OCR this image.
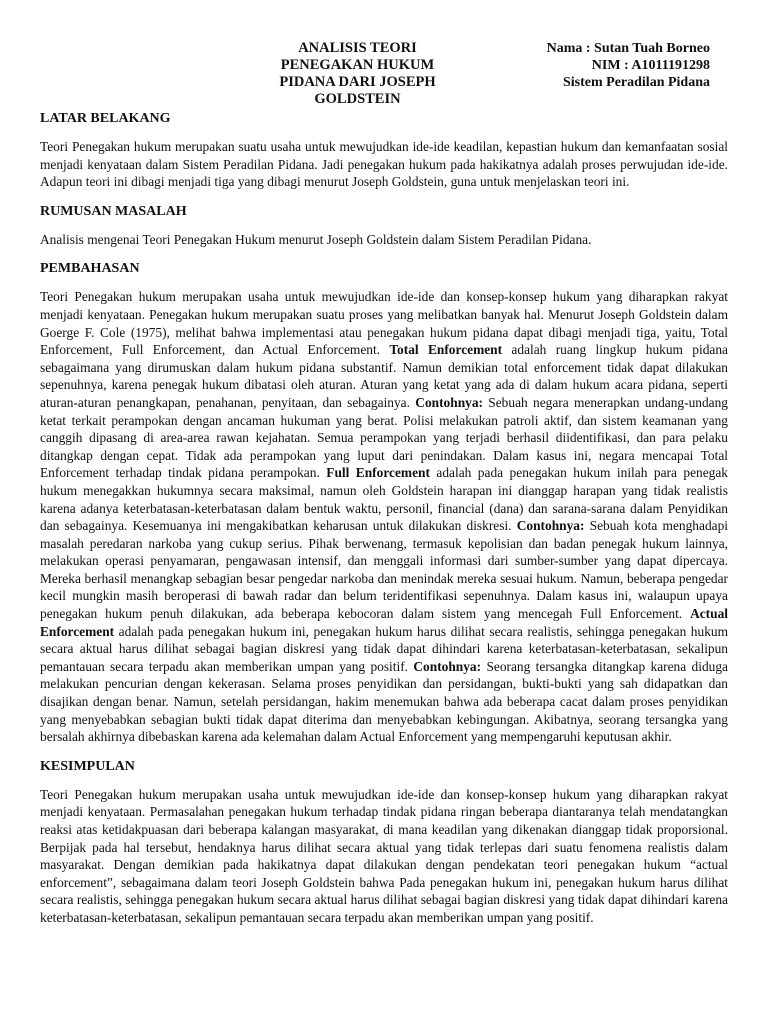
ANALISIS TEORI
PENEGAKAN HUKUM
PIDANA DARI JOSEPH
GOLDSTEIN
Nama : Sutan Tuah Borneo
NIM : A1011191298
Sistem Peradilan Pidana
LATAR BELAKANG

Teori Penegakan hukum merupakan suatu usaha untuk mewujudkan ide-ide keadilan, kepastian hukum dan kemanfaatan sosial menjadi kenyataan dalam Sistem Peradilan Pidana. Jadi penegakan hukum pada hakikatnya adalah proses perwujudan ide-ide. Adapun teori ini dibagi menjadi tiga yang dibagi menurut Joseph Goldstein, guna untuk menjelaskan teori ini.

RUMUSAN MASALAH

Analisis mengenai Teori Penegakan Hukum menurut Joseph Goldstein dalam Sistem Peradilan Pidana.

PEMBAHASAN

Teori Penegakan hukum merupakan usaha untuk mewujudkan ide-ide dan konsep-konsep hukum yang diharapkan rakyat menjadi kenyataan. Penegakan hukum merupakan suatu proses yang melibatkan banyak hal. Menurut Joseph Goldstein dalam Goerge F. Cole (1975), melihat bahwa implementasi atau penegakan hukum pidana dapat dibagi menjadi tiga, yaitu, Total Enforcement, Full Enforcement, dan Actual Enforcement. Total Enforcement adalah ruang lingkup hukum pidana sebagaimana yang dirumuskan dalam hukum pidana substantif. Namun demikian total enforcement tidak dapat dilakukan sepenuhnya, karena penegak hukum dibatasi oleh aturan. Aturan yang ketat yang ada di dalam hukum acara pidana, seperti aturan-aturan penangkapan, penahanan, penyitaan, dan sebagainya. Contohnya: Sebuah negara menerapkan undang-undang ketat terkait perampokan dengan ancaman hukuman yang berat. Polisi melakukan patroli aktif, dan sistem keamanan yang canggih dipasang di area-area rawan kejahatan. Semua perampokan yang terjadi berhasil diidentifikasi, dan para pelaku ditangkap dengan cepat. Tidak ada perampokan yang luput dari penindakan. Dalam kasus ini, negara mencapai Total Enforcement terhadap tindak pidana perampokan. Full Enforcement adalah pada penegakan hukum inilah para penegak hukum menegakkan hukumnya secara maksimal, namun oleh Goldstein harapan ini dianggap harapan yang tidak realistis karena adanya keterbatasan-keterbatasan dalam bentuk waktu, personil, financial (dana) dan sarana-sarana dalam Penyidikan dan sebagainya. Kesemuanya ini mengakibatkan keharusan untuk dilakukan diskresi. Contohnya: Sebuah kota menghadapi masalah peredaran narkoba yang cukup serius. Pihak berwenang, termasuk kepolisian dan badan penegak hukum lainnya, melakukan operasi penyamaran, pengawasan intensif, dan menggali informasi dari sumber-sumber yang dapat dipercaya. Mereka berhasil menangkap sebagian besar pengedar narkoba dan menindak mereka sesuai hukum. Namun, beberapa pengedar kecil mungkin masih beroperasi di bawah radar dan belum teridentifikasi sepenuhnya. Dalam kasus ini, walaupun upaya penegakan hukum penuh dilakukan, ada beberapa kebocoran dalam sistem yang mencegah Full Enforcement. Actual Enforcement adalah pada penegakan hukum ini, penegakan hukum harus dilihat secara realistis, sehingga penegakan hukum secara aktual harus dilihat sebagai bagian diskresi yang tidak dapat dihindari karena keterbatasan-keterbatasan, sekalipun pemantauan secara terpadu akan memberikan umpan yang positif. Contohnya: Seorang tersangka ditangkap karena diduga melakukan pencurian dengan kekerasan. Selama proses penyidikan dan persidangan, bukti-bukti yang sah didapatkan dan disajikan dengan benar. Namun, setelah persidangan, hakim menemukan bahwa ada beberapa cacat dalam proses penyidikan yang menyebabkan sebagian bukti tidak dapat diterima dan menyebabkan kebingungan. Akibatnya, seorang tersangka yang bersalah akhirnya dibebaskan karena ada kelemahan dalam Actual Enforcement yang mempengaruhi keputusan akhir.

KESIMPULAN

Teori Penegakan hukum merupakan usaha untuk mewujudkan ide-ide dan konsep-konsep hukum yang diharapkan rakyat menjadi kenyataan. Permasalahan penegakan hukum terhadap tindak pidana ringan beberapa diantaranya telah mendatangkan reaksi atas ketidakpuasan dari beberapa kalangan masyarakat, di mana keadilan yang dikenakan dianggap tidak proporsional. Berpijak pada hal tersebut, hendaknya harus dilihat secara aktual yang tidak terlepas dari suatu fenomena realistis dalam masyarakat. Dengan demikian pada hakikatnya dapat dilakukan dengan pendekatan teori penegakan hukum “actual enforcement”, sebagaimana dalam teori Joseph Goldstein bahwa Pada penegakan hukum ini, penegakan hukum harus dilihat secara realistis, sehingga penegakan hukum secara aktual harus dilihat sebagai bagian diskresi yang tidak dapat dihindari karena keterbatasan-keterbatasan, sekalipun pemantauan secara terpadu akan memberikan umpan yang positif.
